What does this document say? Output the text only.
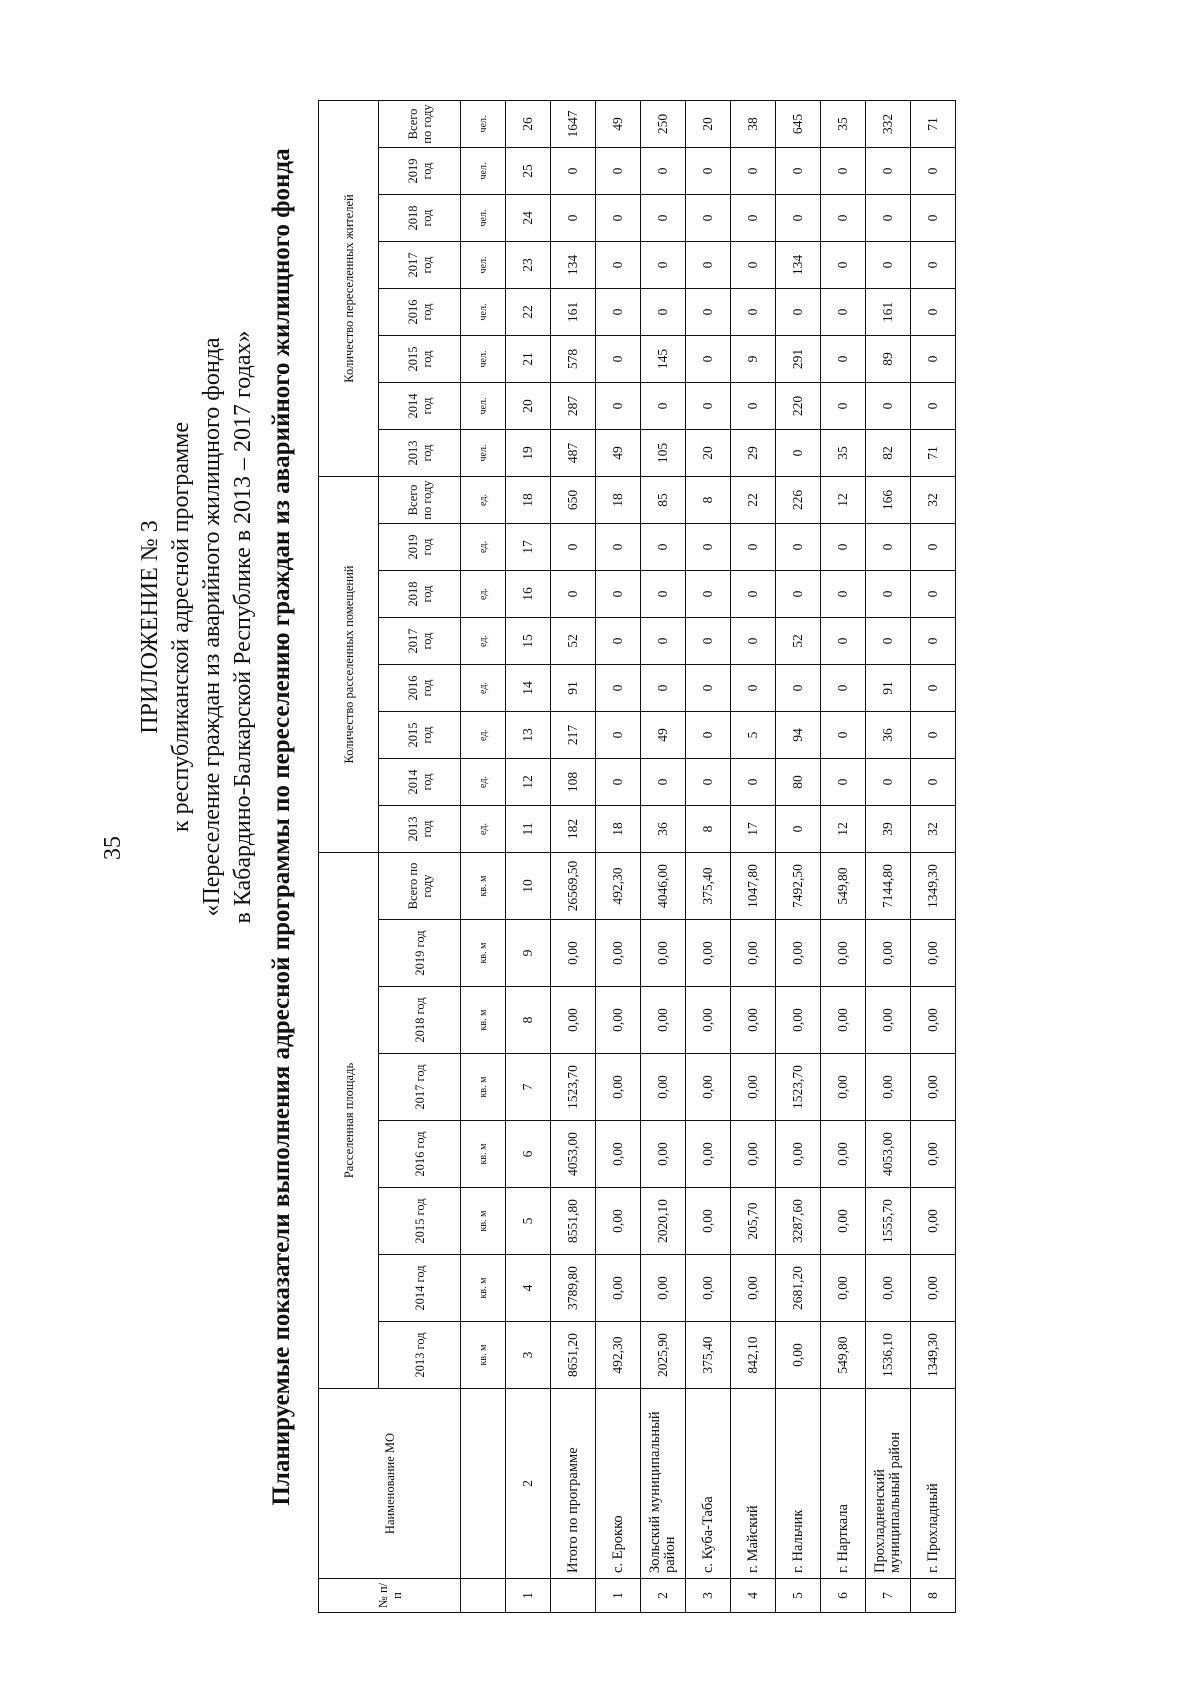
ПРИЛОЖЕНИЕ № 3 к республиканской адресной программе «Переселение граждан из аварийного жилищного фонда в Кабардино-Балкарской Республике в 2013 – 2017 годах» Планируемые показатели выполнения адресной программы по переселению граждан из аварийного жилищного фонда
№ п/п	Наименование МО	Расселенная площадь								Количество расселенных помещений								Количество переселенных жителей							
		2013 год	2014 год	2015 год	2016 год	2017 год	2018 год	2019 год	Всего по году	2013 год	2014 год	2015 год	2016 год	2017 год	2018 год	2019 год	Всего по году	2013 год	2014 год	2015 год	2016 год	2017 год	2018 год	2019 год	Всего по году
		кв. м	кв. м	кв. м	кв. м	кв. м	кв. м	кв. м	кв. м	ед.	ед.	ед.	ед.	ед.	ед.	ед.	ед.	чел.	чел.	чел.	чел.	чел.	чел.	чел.	чел.
1	2	3	4	5	6	7	8	9	10	11	12	13	14	15	16	17	18	19	20	21	22	23	24	25	26
	Итого по программе	8651,20	3789,80	8551,80	4053,00	1523,70	0,00	0,00	26569,50	182	108	217	91	52	0	0	650	487	287	578	161	134	0	0	1647
1	с. Ерокко	492,30	0,00	0,00	0,00	0,00	0,00	0,00	492,30	18	0	0	0	0	0	0	18	49	0	0	0	0	0	0	49
2	Зольский муниципальный район	2025,90	0,00	2020,10	0,00	0,00	0,00	0,00	4046,00	36	0	49	0	0	0	0	85	105	0	145	0	0	0	0	250
3	с. Куба-Таба	375,40	0,00	0,00	0,00	0,00	0,00	0,00	375,40	8	0	0	0	0	0	0	8	20	0	0	0	0	0	0	20
4	г. Майский	842,10	0,00	205,70	0,00	0,00	0,00	0,00	1047,80	17	0	5	0	0	0	0	22	29	0	9	0	0	0	0	38
5	г. Нальчик	0,00	2681,20	3287,60	0,00	1523,70	0,00	0,00	7492,50	0	80	94	0	52	0	0	226	0	220	291	0	134	0	0	645
6	г. Нарткала	549,80	0,00	0,00	0,00	0,00	0,00	0,00	549,80	12	0	0	0	0	0	0	12	35	0	0	0	0	0	0	35
7	Прохладненский муниципальный район	1536,10	0,00	1555,70	4053,00	0,00	0,00	0,00	7144,80	39	0	36	91	0	0	0	166	82	0	89	161	0	0	0	332
8	г. Прохладный	1349,30	0,00	0,00	0,00	0,00	0,00	0,00	1349,30	32	0	0	0	0	0	0	32	71	0	0	0	0	0	0	71
35
